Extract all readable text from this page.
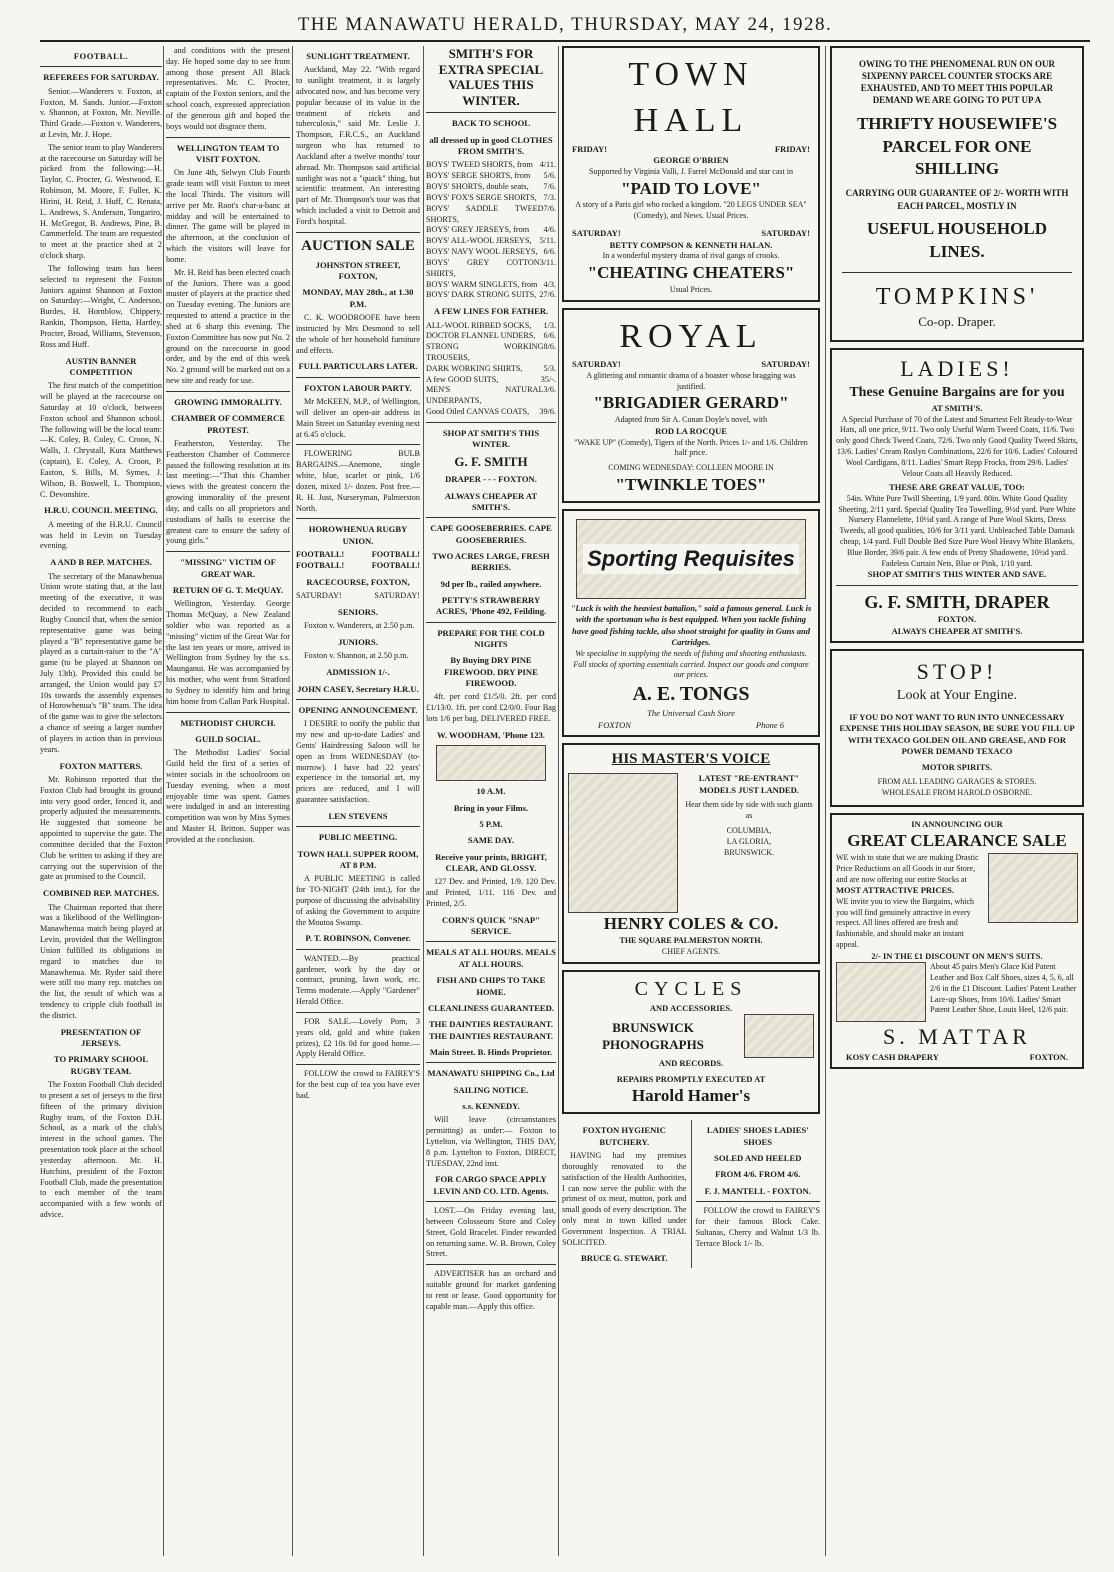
THE MANAWATU HERALD, THURSDAY, MAY 24, 1928.
FOOTBALL.
REFEREES FOR SATURDAY.
Senior.—Wanderers v. Foxton, at Foxton, M. Sands. Junior.—Foxton v. Shannon, at Foxton, Mr. Neville. Third Grade.—Foxton v. Wanderers, at Levin, Mr. J. Hope.
The senior team to play Wanderers at the racecourse on Saturday will be picked from the following:—H. Taylor, C. Procter, G. Westwood, E. Robinson, M. Moore, F. Fuller, K. Hirini, H. Reid, J. Huff, C. Renata, L. Andrews, S. Anderson, Tongariro, H. McGregor, B. Andrews, Pine, B. Cammerfeld. The team are requested to meet at the practice shed at 2 o'clock sharp.
The following team has been selected to represent the Foxton Juniors against Shannon at Foxton on Saturday:—Wright, C. Anderson, Burdes, H. Hornblow, Chippery, Rankin, Thompson, Hetta, Hartley, Procter, Broad, Williams, Stevenson, Ross and Huff.
AUSTIN BANNER COMPETITION
The first match of the competition will be played at the racecourse on Saturday at 10 o'clock, between Foxton school and Shannon school. The following will be the local team:—K. Coley, B. Coley, C. Croon, N. Walls, J. Chrystall, Kura Matthews (captain), E. Coley, A. Croon, P. Easton, S. Bills, M. Symes, J. Wilson, B. Boswell, L. Thompson, C. Devonshire.
H.R.U. COUNCIL MEETING.
A meeting of the H.R.U. Council was held in Levin on Tuesday evening.
A AND B REP. MATCHES.
The secretary of the Manawhenua Union wrote stating that, at the last meeting of the executive, it was decided to recommend to each Rugby Council that, when the senior representative game was being played a "B" representative game be played as a curtain-raiser to the "A" game (to be played at Shannon on July 13th). Provided this could be arranged, the Union would pay £7 10s towards the assembly expenses of Horowhenua's "B" team. The idea of the game was to give the selectors a chance of seeing a larger number of players in action than in previous years.
FOXTON MATTERS.
Mr. Robinson reported that the Foxton Club had brought its ground into very good order, fenced it, and properly adjusted the measurements. He suggested that someone be appointed to supervise the gate. The committee decided that the Foxton Club be written to asking if they are carrying out the supervision of the gate as promised to the Council.
COMBINED REP. MATCHES.
The Chairman reported that there was a likelihood of the Wellington-Manawhenua match being played at Levin, provided that the Wellington Union fulfilled its obligations in regard to matches due to Manawhenua. Mr. Ryder said there were still too many rep. matches on the list, the result of which was a tendency to cripple club football in the district.
PRESENTATION OF JERSEYS.
TO PRIMARY SCHOOL RUGBY TEAM.
The Foxton Football Club decided to present a set of jerseys to the first fifteen of the primary division Rugby team, of the Foxton D.H. School, as a mark of the club's interest in the school games. The presentation took place at the school yesterday afternoon. Mr. H. Hutchins, president of the Foxton Football Club, made the presentation to each member of the team accompanied with a few words of advice.
and conditions with the present day. He hoped some day to see from among those present All Black representatives. Mr. C. Procter, captain of the Foxton seniors, and the school coach, expressed appreciation of the generous gift and hoped the boys would not disgrace them.
WELLINGTON TEAM TO VISIT FOXTON.
On June 4th, Selwyn Club Fourth grade team will visit Foxton to meet the local Thirds. The visitors will arrive per Mr. Root's char-a-banc at midday and will be entertained to dinner. The game will be played in the afternoon, at the conclusion of which the visitors will leave for home.
Mr. H. Reid has been elected coach of the Juniors. There was a good muster of players at the practice shed on Tuesday evening. The Juniors are requested to attend a practice in the shed at 6 sharp this evening. The Foxton Committee has now put No. 2 ground on the racecourse in good order, and by the end of this week No. 2 ground will be marked out on a new site and ready for use.
GROWING IMMORALITY.
CHAMBER OF COMMERCE PROTEST.
Featherston, Yesterday. The Featherston Chamber of Commerce passed the following resolution at its last meeting:—"That this Chamber views with the greatest concern the growing immorality of the present day, and calls on all proprietors and custodians of halls to exercise the greatest care to ensure the safety of young girls."
"MISSING" VICTIM OF GREAT WAR.
RETURN OF G. T. McQUAY.
Wellington, Yesterday. George Thomas McQuay, a New Zealand soldier who was reported as a "missing" victim of the Great War for the last ten years or more, arrived in Wellington from Sydney by the s.s. Maunganui. He was accompanied by his mother, who went from Stratford to Sydney to identify him and bring him home from Callan Park Hospital.
METHODIST CHURCH.
GUILD SOCIAL.
The Methodist Ladies' Social Guild held the first of a series of winter socials in the schoolroom on Tuesday evening, when a most enjoyable time was spent. Games were indulged in and an interesting competition was won by Miss Symes and Master H. Britton. Supper was provided at the conclusion.
SUNLIGHT TREATMENT.
Auckland, May 22. "With regard to sunlight treatment, it is largely advocated now, and has become very popular because of its value in the treatment of rickets and tuberculosis," said Mr. Leslie J. Thompson, F.R.C.S., an Auckland surgeon who has returned to Auckland after a twelve months' tour abroad. Mr. Thompson said artificial sunlight was not a "quack" thing, but scientific treatment. An interesting part of Mr. Thompson's tour was that which included a visit to Detroit and Ford's hospital.
AUCTION SALE
JOHNSTON STREET, FOXTON,
MONDAY, MAY 28th., at 1.30 P.M.
C. K. WOODROOFE have been instructed by Mrs Desmond to sell the whole of her household furniture and effects.
FULL PARTICULARS LATER.
FOXTON LABOUR PARTY.
Mr McKEEN, M.P., of Wellington, will deliver an open-air address in Main Street on Saturday evening next at 6.45 o'clock.
FLOWERING BULB BARGAINS.—Anemone, single white, blue, scarlet or pink, 1/6 dozen, mixed 1/- dozen. Post free.—R. H. Just, Nurseryman, Palmerston North.
HOROWHENUA RUGBY UNION.
FOOTBALL!	FOOTBALL!
FOOTBALL!	FOOTBALL!
RACECOURSE, FOXTON,
SATURDAY!	SATURDAY!
SENIORS.
Foxton v. Wanderers, at 2.50 p.m.
JUNIORS.
Foxton v. Shannon, at 2.50 p.m.
ADMISSION 1/-.
JOHN CASEY, Secretary H.R.U.
OPENING ANNOUNCEMENT.
I DESIRE to notify the public that my new and up-to-date Ladies' and Gents' Hairdressing Saloon will be open as from WEDNESDAY (to-morrow). I have had 22 years' experience in the tonsorial art, my prices are reduced, and I will guarantee satisfaction.
LEN STEVENS
PUBLIC MEETING.
TOWN HALL SUPPER ROOM, AT 8 P.M.
A PUBLIC MEETING is called for TO-NIGHT (24th inst.), for the purpose of discussing the advisability of asking the Government to acquire the Moutoa Swamp.
P. T. ROBINSON, Convener.
WANTED.—By practical gardener, work by the day or contract, pruning, lawn work, etc. Terms moderate.—Apply "Gardener" Herald Office.
FOR SALE.—Lovely Pom, 3 years old, gold and white (taken prizes), £2 10s 0d for good home.—Apply Herald Office.
FOLLOW the crowd to FAIREY'S for the best cup of tea you have ever had.
SMITH'S FOR EXTRA SPECIAL VALUES THIS WINTER.
BACK TO SCHOOL
all dressed up in good CLOTHES FROM SMITH'S.
BOYS' TWEED SHORTS, from 4/11.
BOYS' SERGE SHORTS, from 5/6.
BOYS' SHORTS, double seats, 7/6.
BOYS' FOX'S SERGE SHORTS, 7/3.
BOYS' SADDLE TWEED SHORTS,
7/6.
BOYS' GREY JERSEYS, from 4/6.
BOYS' ALL-WOOL JERSEYS, 5/11.
BOYS' NAVY WOOL JERSEYS, 6/6.
BOYS' GREY COTTON SHIRTS,
3/11.
BOYS' WARM SINGLETS, from 4/3.
BOYS' DARK STRONG SUITS, 27/6.
A FEW LINES FOR FATHER.
ALL-WOOL RIBBED SOCKS, 1/3.
DOCTOR FLANNEL UNDERS, 6/6.
STRONG WORKING TROUSERS,
8/6.
DARK WORKING SHIRTS,	5/3.
A few GOOD SUITS,	35/-.
MEN'S NATURAL UNDERPANTS,
3/6.
Good Oiled CANVAS COATS, 39/6.
SHOP AT SMITH'S THIS WINTER.
G. F. SMITH
DRAPER - - - FOXTON.
ALWAYS CHEAPER AT SMITH'S.
CAPE GOOSEBERRIES. CAPE GOOSEBERRIES.
TWO ACRES LARGE, FRESH BERRIES.
9d per lb., railed anywhere.
PETTY'S STRAWBERRY ACRES, 'Phone 492, Feilding.
PREPARE FOR THE COLD NIGHTS
By Buying DRY PINE FIREWOOD. DRY PINE FIREWOOD.
4ft. per cord £1/5/0. 2ft. per cord £1/13/0. 1ft. per cord £2/0/0. Four Bag lots 1/6 per bag. DELIVERED FREE.
W. WOODHAM, 'Phone 123.
10 A.M.
Bring in your Films.
5 P.M.
SAME DAY.
Receive your prints, BRIGHT, CLEAR, AND GLOSSY.
127 Dev. and Printed, 1/9. 120 Dev. and Printed, 1/11. 116 Dev. and Printed, 2/5.
CORN'S QUICK "SNAP" SERVICE.
MEALS AT ALL HOURS. MEALS AT ALL HOURS.
FISH AND CHIPS TO TAKE HOME.
CLEANLINESS GUARANTEED.
THE DAINTIES RESTAURANT. THE DAINTIES RESTAURANT.
Main Street. B. Hinds Proprietor.
MANAWATU SHIPPING Co., Ltd
SAILING NOTICE.
s.s. KENNEDY.
Will leave (circumstances permitting) as under:— Foxton to Lyttelton, via Wellington, THIS DAY, 8 p.m. Lyttelton to Foxton, DIRECT, TUESDAY, 22nd inst.
FOR CARGO SPACE APPLY LEVIN AND CO. LTD. Agents.
LOST.—On Friday evening last, between Colosseum Store and Coley Street, Gold Bracelet. Finder rewarded on returning same. W. B. Brown, Coley Street.
ADVERTISER has an orchard and suitable ground for market gardening to rent or lease. Good opportunity for capable man.—Apply this office.
TOWN HALL
FRIDAY!	FRIDAY!
GEORGE O'BRIEN
Supported by Virginia Valli, J. Farrel McDonald and star cast in
"PAID TO LOVE"
A story of a Paris girl who rocked a kingdom. "20 LEGS UNDER SEA" (Comedy), and News. Usual Prices.
SATURDAY!	SATURDAY!
BETTY COMPSON & KENNETH HALAN.
In a wonderful mystery drama of rival gangs of crooks.
"CHEATING CHEATERS"
Usual Prices.
ROYAL
SATURDAY!	SATURDAY!
A glittering and romantic drama of a boaster whose bragging was justified.
"BRIGADIER GERARD"
Adapted from Sir A. Conan Doyle's novel, with
ROD LA ROCQUE
"WAKE UP" (Comedy), Tigers of the North. Prices 1/- and 1/6. Children half price.
COMING WEDNESDAY: COLLEEN MOORE IN
"TWINKLE TOES"
Sporting Requisites
"Luck is with the heaviest battalion," said a famous general. Luck is with the sportsman who is best equipped. When you tackle fishing have good fishing tackle, also shoot straight for quality in Guns and Cartridges.
We specialise in supplying the needs of fishing and shooting enthusiasts. Full stocks of sporting essentials carried. Inspect our goods and compare our prices.
A. E. TONGS
The Universal Cash Store
FOXTON	Phone 6
HIS MASTER'S VOICE
LATEST "RE-ENTRANT" MODELS JUST LANDED.
Hear them side by side with such giants as
COLUMBIA,
LA GLORIA,
BRUNSWICK.
HENRY COLES & CO.
THE SQUARE PALMERSTON NORTH.
CHIEF AGENTS.
CYCLES
AND ACCESSORIES.
BRUNSWICK PHONOGRAPHS
AND RECORDS.
REPAIRS PROMPTLY EXECUTED AT
Harold Hamer's
FOXTON HYGIENIC BUTCHERY.
HAVING had my premises thoroughly renovated to the satisfaction of the Health Authorities, I can now serve the public with the primest of ox meat, mutton, pork and small goods of every description. The only meat in town killed under Government Inspection. A TRIAL SOLICITED.
BRUCE G. STEWART.
LADIES' SHOES LADIES' SHOES
SOLED AND HEELED
FROM 4/6. FROM 4/6.
F. J. MANTELL - FOXTON.
FOLLOW the crowd to FAIREY'S for their famous Block Cake. Sultanas, Cherry and Walnut 1/3 lb. Terrace Block 1/- lb.
OWING TO THE PHENOMENAL RUN ON OUR SIXPENNY PARCEL COUNTER STOCKS ARE EXHAUSTED, AND TO MEET THIS POPULAR DEMAND WE ARE GOING TO PUT UP A
THRIFTY HOUSEWIFE'S PARCEL FOR ONE SHILLING
CARRYING OUR GUARANTEE OF 2/- WORTH WITH EACH PARCEL, MOSTLY IN
USEFUL HOUSEHOLD LINES.
TOMPKINS'
Co-op. Draper.
LADIES!
These Genuine Bargains are for you
AT SMITH'S.
A Special Purchase of 70 of the Latest and Smartest Felt Ready-to-Wear Hats, all one price, 9/11. Two only Useful Warm Tweed Coats, 11/6. Two only good Check Tweed Coats, 72/6. Two only Good Quality Tweed Skirts, 13/6. Ladies' Cream Roslyn Combinations, 22/6 for 10/6. Ladies' Coloured Wool Cardigans, 8/11. Ladies' Smart Repp Frocks, from 29/6. Ladies' Velour Coats all Heavily Reduced.
THESE ARE GREAT VALUE, TOO:
54in. White Pure Twill Sheeting, 1/9 yard. 80in. White Good Quality Sheeting, 2/11 yard. Special Quality Tea Towelling, 9½d yard. Pure White Nursery Flannelette, 10½d yard. A range of Pure Wool Skirts, Dress Tweeds, all good qualities, 10/6 for 3/11 yard. Unbleached Table Damask cheap, 1/4 yard. Full Double Bed Size Pure Wool Heavy White Blankets, Blue Border, 39/6 pair. A few ends of Pretty Shadowette, 10½d yard. Fadeless Curtain Nets, Blue or Pink, 1/10 yard.
SHOP AT SMITH'S THIS WINTER AND SAVE.
G. F. SMITH, DRAPER
FOXTON.
ALWAYS CHEAPER AT SMITH'S.
STOP!
Look at Your Engine.
IF YOU DO NOT WANT TO RUN INTO UNNECESSARY EXPENSE THIS HOLIDAY SEASON, BE SURE YOU FILL UP WITH TEXACO GOLDEN OIL AND GREASE, AND FOR POWER DEMAND TEXACO
MOTOR SPIRITS.
FROM ALL LEADING GARAGES & STORES.
WHOLESALE FROM HAROLD OSBORNE.
IN ANNOUNCING OUR
GREAT CLEARANCE SALE
WE wish to state that we are making Drastic Price Reductions on all Goods in our Store, and are now offering our entire Stocks at
MOST ATTRACTIVE PRICES.
WE invite you to view the Bargains, which you will find genuinely attractive in every respect. All lines offered are fresh and fashionable, and should make an instant appeal.
2/- IN THE £1 DISCOUNT ON MEN'S SUITS.
About 45 pairs Men's Glace Kid Patent Leather and Box Calf Shoes, sizes 4, 5, 6, all 2/6 in the £1 Discount. Ladies' Patent Leather Lace-up Shoes, from 10/6. Ladies' Smart Patent Leather Shoe, Louis Heel, 12/6 pair.
S. MATTAR
KOSY CASH DRAPERY	FOXTON.
